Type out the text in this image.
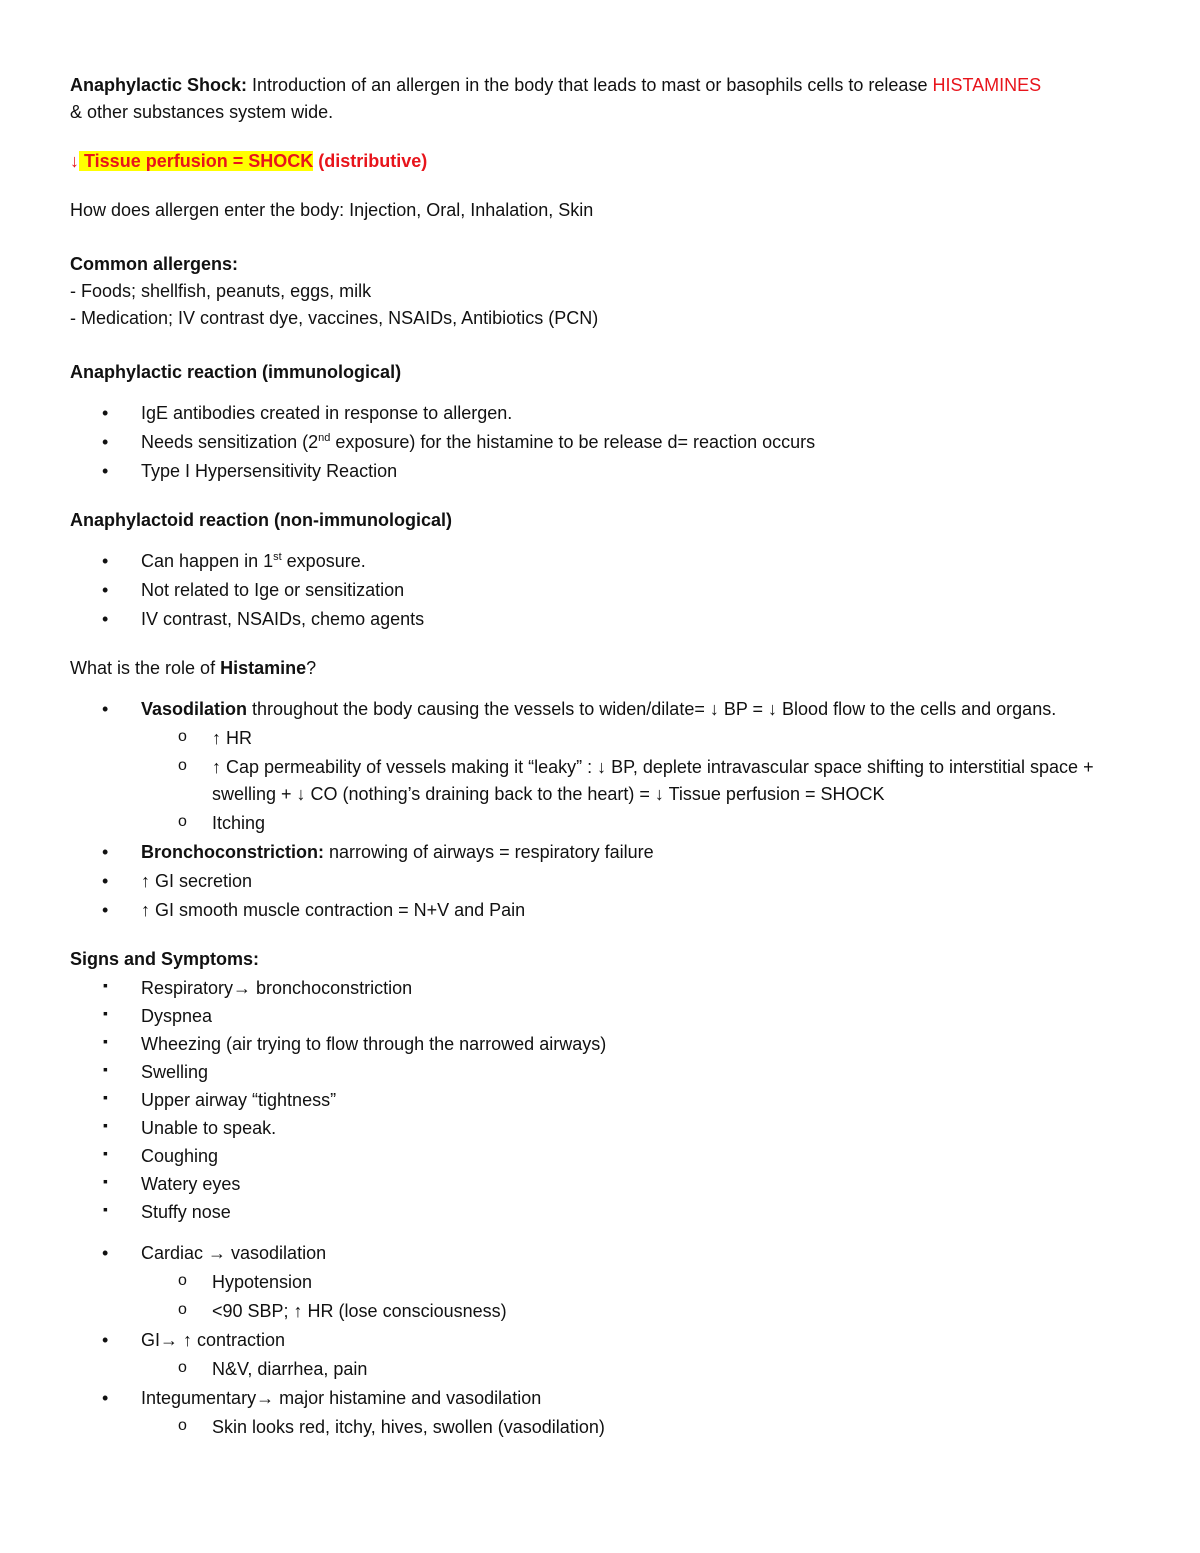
Anaphylactic Shock: Introduction of an allergen in the body that leads to mast or basophils cells to release HISTAMINES

& other substances system wide.

↓ Tissue perfusion = SHOCK (distributive)

How does allergen enter the body: Injection, Oral, Inhalation, Skin

Common allergens:

- Foods; shellfish, peanuts, eggs, milk

- Medication; IV contrast dye, vaccines, NSAIDs, Antibiotics (PCN)

Anaphylactic reaction (immunological)

• IgE antibodies created in response to allergen.
• Needs sensitization (2nd exposure) for the histamine to be release d= reaction occurs
• Type I Hypersensitivity Reaction

Anaphylactoid reaction (non-immunological)

• Can happen in 1st exposure.
• Not related to Ige or sensitization
• IV contrast, NSAIDs, chemo agents

What is the role of Histamine?

• Vasodilation throughout the body causing the vessels to widen/dilate= ↓ BP = ↓ Blood flow to the cells and organs.
o ↑ HR
o ↑ Cap permeability of vessels making it “leaky” : ↓ BP, deplete intravascular space shifting to interstitial space + swelling + ↓ CO (nothing’s draining back to the heart) = ↓ Tissue perfusion = SHOCK
o Itching
• Bronchoconstriction: narrowing of airways = respiratory failure
• ↑ GI secretion
• ↑ GI smooth muscle contraction = N+V and Pain

Signs and Symptoms:

▪ Respiratory→ bronchoconstriction
▪ Dyspnea
▪ Wheezing (air trying to flow through the narrowed airways)
▪ Swelling
▪ Upper airway “tightness”
▪ Unable to speak.
▪ Coughing
▪ Watery eyes
▪ Stuffy nose
• Cardiac → vasodilation
o Hypotension
o <90 SBP; ↑ HR (lose consciousness)
• GI→ ↑ contraction
o N&V, diarrhea, pain
• Integumentary→ major histamine and vasodilation
o Skin looks red, itchy, hives, swollen (vasodilation)
